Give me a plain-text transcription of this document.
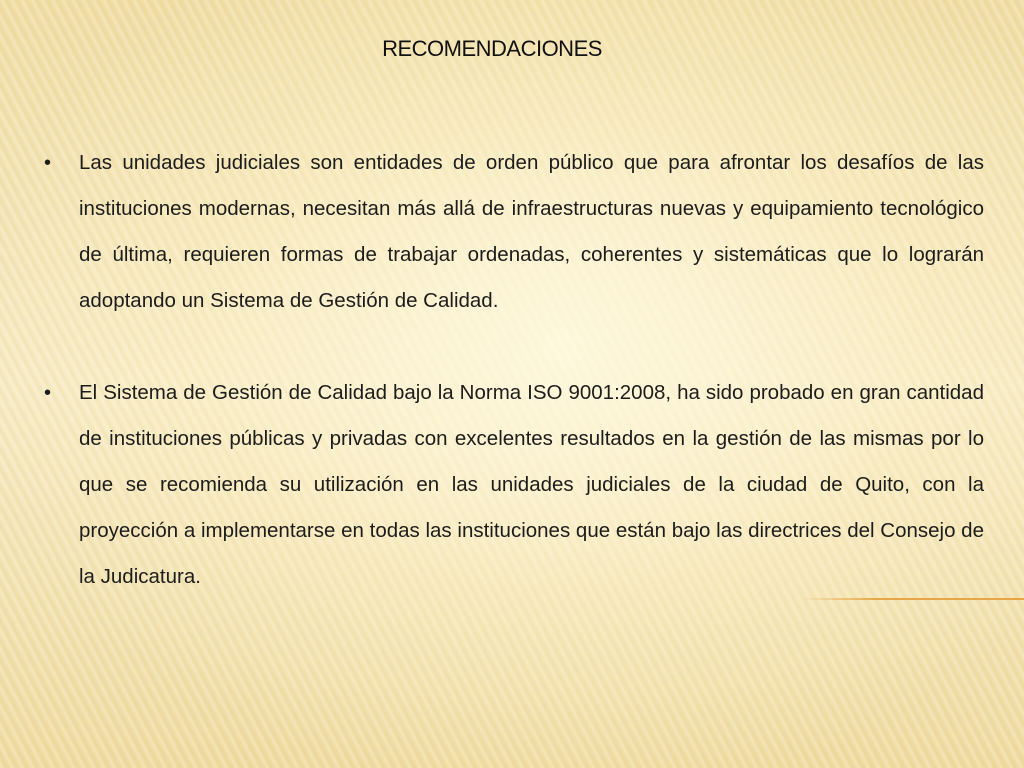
RECOMENDACIONES
•	Las unidades judiciales son entidades de orden público que para afrontar los desafíos de las instituciones modernas, necesitan más allá de infraestructuras nuevas y equipamiento tecnológico de última, requieren formas de trabajar ordenadas, coherentes y sistemáticas que lo lograrán adoptando un Sistema de Gestión de Calidad.
•	El Sistema de Gestión de Calidad bajo la Norma ISO 9001:2008, ha sido probado en gran cantidad de instituciones públicas y privadas con excelentes resultados en la gestión de las mismas por lo que se recomienda su utilización en las unidades judiciales de la ciudad de Quito, con la proyección a implementarse en todas las instituciones que están bajo las directrices del Consejo de la Judicatura.
